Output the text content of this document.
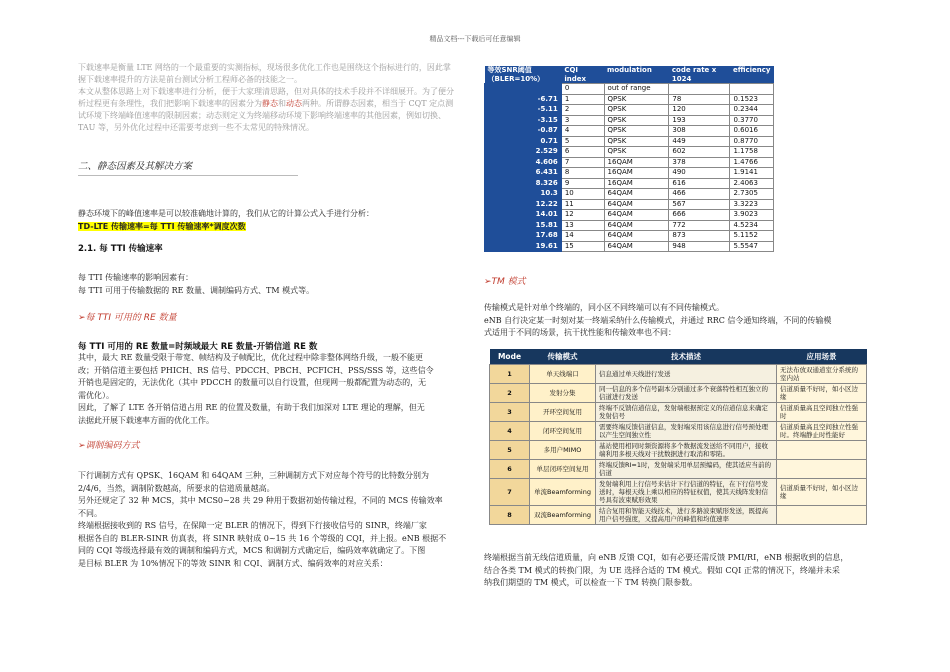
精品文档---下载后可任意编辑
下载速率是衡量 LTE 网络的一个最重要的实测指标，现场很多优化工作也是围绕这个指标进行的，因此掌
握下载速率提升的方法是前台测试分析工程师必备的技能之一。
本文从整体思路上对下载速率进行分析，便于大家理清思路，但对具体的技术手段并不详细展开。为了便分
析过程更有条理性，我们把影响下载速率的因素分为静态和动态两种。所谓静态因素，相当于 CQT 定点测
试环境下终端峰值速率的限制因素；动态则定义为终端移动环境下影响终端速率的其他因素，例如切换、
TAU 等，另外优化过程中还需要考虑到一些不太常见的特殊情况。
二、静态因素及其解决方案
静态环境下的峰值速率是可以较准确地计算的，我们从它的计算公式入手进行分析：
TD-LTE 传输速率=每 TTI 传输速率*调度次数
2.1. 每 TTI 传输速率
每 TTI 传输速率的影响因素有：
每 TTI 可用于传输数据的 RE 数量、调制编码方式、TM 模式等。
➢每 TTI 可用的 RE 数量
每 TTI 可用的 RE 数量=时频域最大 RE 数量-开销信道 RE 数
其中，最大 RE 数量受限于带宽、帧结构及子帧配比，优化过程中除非整体网络升级，一般不能更
改；开销信道主要包括 PHICH、RS 信号、PDCCH、PBCH、PCFICH、PSS/SSS 等，这些信令
开销也是固定的，无法优化（其中 PDCCH 的数量可以自行设置，但现网一般都配置为动态的，无
需优化）。
因此，了解了 LTE 各开销信道占用 RE 的位置及数量，有助于我们加深对 LTE 理论的理解，但无
法据此开展下载速率方面的优化工作。
➢调制编码方式
下行调制方式有 QPSK、16QAM 和 64QAM 三种，三种调制方式下对应每个符号的比特数分别为
2/4/6，当然，调制阶数越高，所要求的信道质量越高。
另外还规定了 32 种 MCS，其中 MCS0~28 共 29 种用于数据初始传输过程，不同的 MCS 传输效率
不同。
终端根据接收到的 RS 信号，在保障一定 BLER 的情况下，得到下行接收信号的 SINR，终端厂家
根据各自的 BLER-SINR 仿真表，将 SINR 映射成 0~15 共 16 个等级的 CQI，并上报。eNB 根据不
同的 CQI 等级选择最有效的调制和编码方式，MCS 和调制方式确定后，编码效率就确定了。下图
是目标 BLER 为 10%情况下的等效 SINR 和 CQI、调制方式、编码效率的对应关系：
等效SNR阈值
（BLER=10%）	CQI
index	modulation	code rate x
1024	efficiency
	0	out of range		
-6.71	1	QPSK	78	0.1523
-5.11	2	QPSK	120	0.2344
-3.15	3	QPSK	193	0.3770
-0.87	4	QPSK	308	0.6016
0.71	5	QPSK	449	0.8770
2.529	6	QPSK	602	1.1758
4.606	7	16QAM	378	1.4766
6.431	8	16QAM	490	1.9141
8.326	9	16QAM	616	2.4063
10.3	10	64QAM	466	2.7305
12.22	11	64QAM	567	3.3223
14.01	12	64QAM	666	3.9023
15.81	13	64QAM	772	4.5234
17.68	14	64QAM	873	5.1152
19.61	15	64QAM	948	5.5547
➢TM 模式
传输模式是针对单个终端的，同小区不同终端可以有不同传输模式。
eNB 自行决定某一时刻对某一终端采纳什么传输模式，并通过 RRC 信令通知终端，不同的传输模
式适用于不同的场景，抗干扰性能和传输效率也不同：
Mode	传输模式	技术描述	应用场景
1	单天线端口	信息通过单天线进行发送	无法布放双通道室分系统的室内站
2	发射分集	同一信息的多个信号副本分别通过多个衰落特性相互独立的信道进行发送	信道质量不好时，如小区边缘
3	开环空间复用	终端不反馈信道信息，发射端根据预定义的信道信息来确定发射信号	信道质量高且空间独立性强时
4	闭环空间复用	需要终端反馈信道信息，发射端采用该信息进行信号预处理以产生空间独立性	信道质量高且空间独立性强时。终端静止时性能好
5	多用户MIMO	基站使用相同时频资源将多个数据流发送给不同用户，接收端利用多根天线对干扰数据进行取消和零陷。	
6	单层闭环空间复用	终端反馈RI=1时，发射端采用单层预编码，使其适应当前的信道	
7	单流Beamforming	发射端利用上行信号来估计下行信道的特征，在下行信号发送时，每根天线上乘以相应的特征权值，使其天线阵发射信号具有波束赋形效果	信道质量不好时，如小区边缘
8	双流Beamforming	结合复用和智能天线技术，进行多路波束赋形发送，既提高用户信号强度，又提高用户的峰值和均值速率	
终端根据当前无线信道质量，向 eNB 反馈 CQI，如有必要还需反馈 PMI/RI，eNB 根据收到的信息，
结合各类 TM 模式的转换门限，为 UE 选择合适的 TM 模式。假如 CQI 正常的情况下，终端并未采
纳我们期望的 TM 模式，可以检查一下 TM 转换门限参数。
